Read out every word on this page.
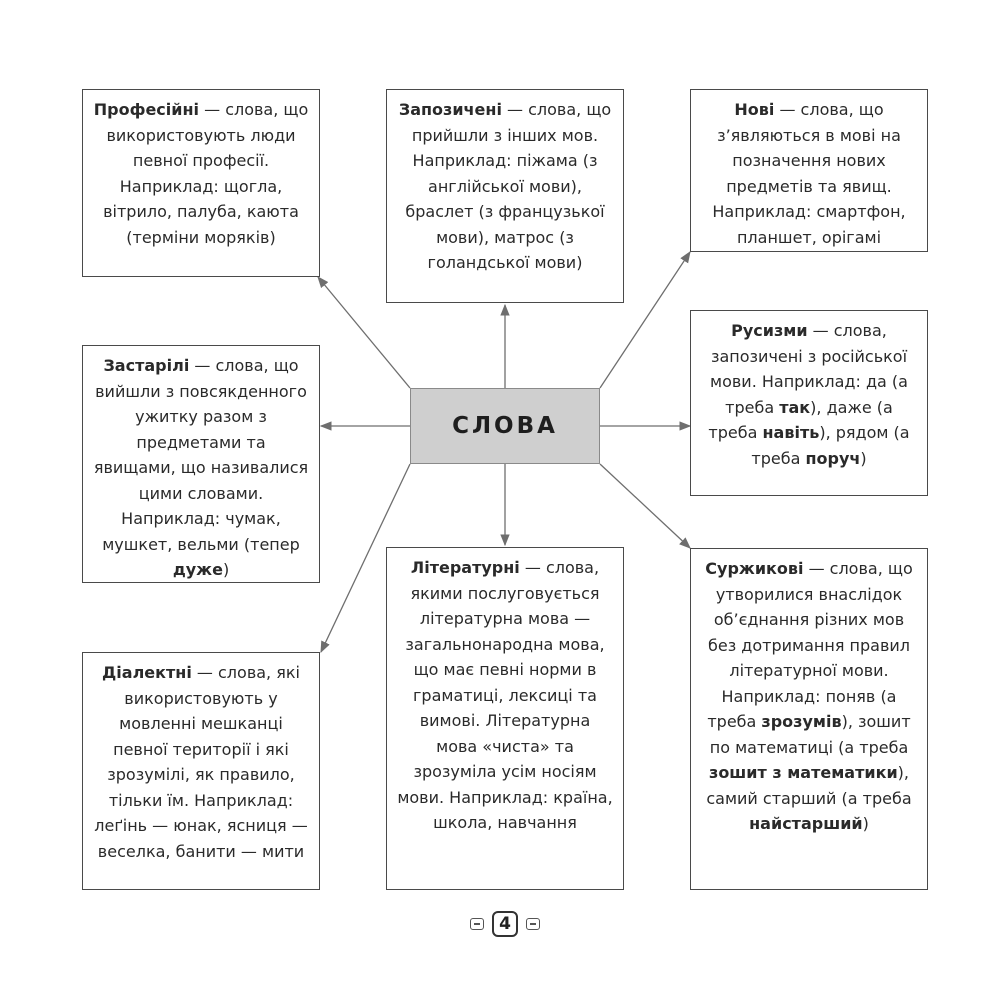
СЛОВА
Професійні — слова, що використовують люди певної професії. Наприклад: щогла, вітрило, палуба, каюта (терміни моряків)
Запозичені — слова, що прийшли з інших мов. Наприклад: піжама (з англійської мови), браслет (з французької мови), матрос (з голандської мови)
Нові — слова, що з’являються в мові на позначення нових предметів та явищ. Наприклад: смартфон, планшет, орігамі
Застарілі — слова, що вийшли з повсякденного ужитку разом з предметами та явищами, що називалися цими словами. Наприклад: чумак, мушкет, вельми (тепер дуже)
Русизми — слова, запозичені з російської мови. Наприклад: да (а треба так), даже (а треба навіть), рядом (а треба поруч)
Діалектні — слова, які використовують у мовленні мешканці певної території і які зрозумілі, як правило, тільки їм. Наприклад: леґінь — юнак, ясниця — веселка, банити — мити
Літературні — слова, якими послуговується літературна мова — загальнонародна мова, що має певні норми в граматиці, лексиці та вимові. Літературна мова «чиста» та зрозуміла усім носіям мови. Наприклад: країна, школа, навчання
Суржикові — слова, що утворилися внаслідок об’єднання різних мов без дотримання правил літературної мови. Наприклад: поняв (а треба зрозумів), зошит по математиці (а треба зошит з математики), самий старший (а треба найстарший)
4
